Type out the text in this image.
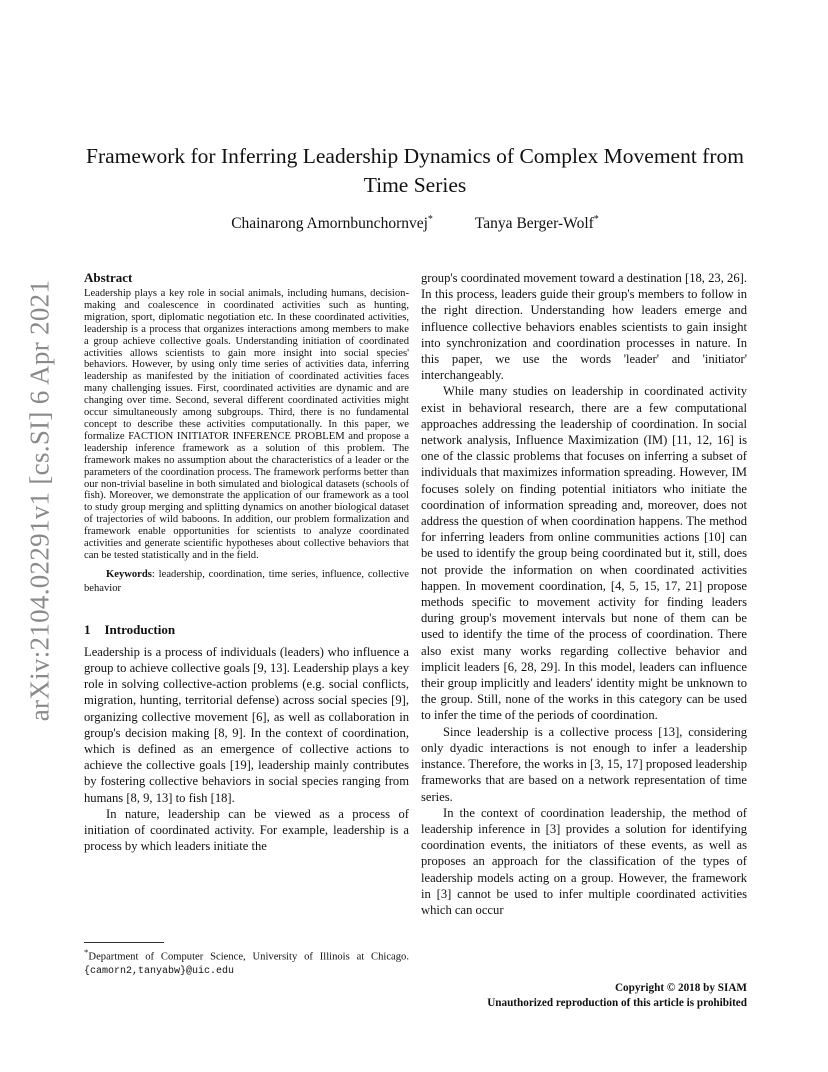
arXiv:2104.02291v1 [cs.SI] 6 Apr 2021
Framework for Inferring Leadership Dynamics of Complex Movement from Time Series
Chainarong Amornbunchornvej*	Tanya Berger-Wolf*
Abstract

Leadership plays a key role in social animals, including humans, decision-making and coalescence in coordinated activities such as hunting, migration, sport, diplomatic negotiation etc. In these coordinated activities, leadership is a process that organizes interactions among members to make a group achieve collective goals. Understanding initiation of coordinated activities allows scientists to gain more insight into social species' behaviors. However, by using only time series of activities data, inferring leadership as manifested by the initiation of coordinated activities faces many challenging issues. First, coordinated activities are dynamic and are changing over time. Second, several different coordinated activities might occur simultaneously among subgroups. Third, there is no fundamental concept to describe these activities computationally. In this paper, we formalize FACTION INITIATOR INFERENCE PROBLEM and propose a leadership inference framework as a solution of this problem. The framework makes no assumption about the characteristics of a leader or the parameters of the coordination process. The framework performs better than our non-trivial baseline in both simulated and biological datasets (schools of fish). Moreover, we demonstrate the application of our framework as a tool to study group merging and splitting dynamics on another biological dataset of trajectories of wild baboons. In addition, our problem formalization and framework enable opportunities for scientists to analyze coordinated activities and generate scientific hypotheses about collective behaviors that can be tested statistically and in the field.

Keywords: leadership, coordination, time series, influence, collective behavior

1 Introduction

Leadership is a process of individuals (leaders) who influence a group to achieve collective goals [9, 13]. Leadership plays a key role in solving collective-action problems (e.g. social conflicts, migration, hunting, territorial defense) across social species [9], organizing collective movement [6], as well as collaboration in group's decision making [8, 9]. In the context of coordination, which is defined as an emergence of collective actions to achieve the collective goals [19], leadership mainly contributes by fostering collective behaviors in social species ranging from humans [8, 9, 13] to fish [18].

In nature, leadership can be viewed as a process of initiation of coordinated activity. For example, leadership is a process by which leaders initiate the

group's coordinated movement toward a destination [18, 23, 26]. In this process, leaders guide their group's members to follow in the right direction. Understanding how leaders emerge and influence collective behaviors enables scientists to gain insight into synchronization and coordination processes in nature. In this paper, we use the words 'leader' and 'initiator' interchangeably.

While many studies on leadership in coordinated activity exist in behavioral research, there are a few computational approaches addressing the leadership of coordination. In social network analysis, Influence Maximization (IM) [11, 12, 16] is one of the classic problems that focuses on inferring a subset of individuals that maximizes information spreading. However, IM focuses solely on finding potential initiators who initiate the coordination of information spreading and, moreover, does not address the question of when coordination happens. The method for inferring leaders from online communities actions [10] can be used to identify the group being coordinated but it, still, does not provide the information on when coordinated activities happen. In movement coordination, [4, 5, 15, 17, 21] propose methods specific to movement activity for finding leaders during group's movement intervals but none of them can be used to identify the time of the process of coordination. There also exist many works regarding collective behavior and implicit leaders [6, 28, 29]. In this model, leaders can influence their group implicitly and leaders' identity might be unknown to the group. Still, none of the works in this category can be used to infer the time of the periods of coordination.

Since leadership is a collective process [13], considering only dyadic interactions is not enough to infer a leadership instance. Therefore, the works in [3, 15, 17] proposed leadership frameworks that are based on a network representation of time series.

In the context of coordination leadership, the method of leadership inference in [3] provides a solution for identifying coordination events, the initiators of these events, as well as proposes an approach for the classification of the types of leadership models acting on a group. However, the framework in [3] cannot be used to infer multiple coordinated activities which can occur

*Department of Computer Science, University of Illinois at Chicago. {camorn2,tanyabw}@uic.edu

Copyright © 2018 by SIAM
Unauthorized reproduction of this article is prohibited
